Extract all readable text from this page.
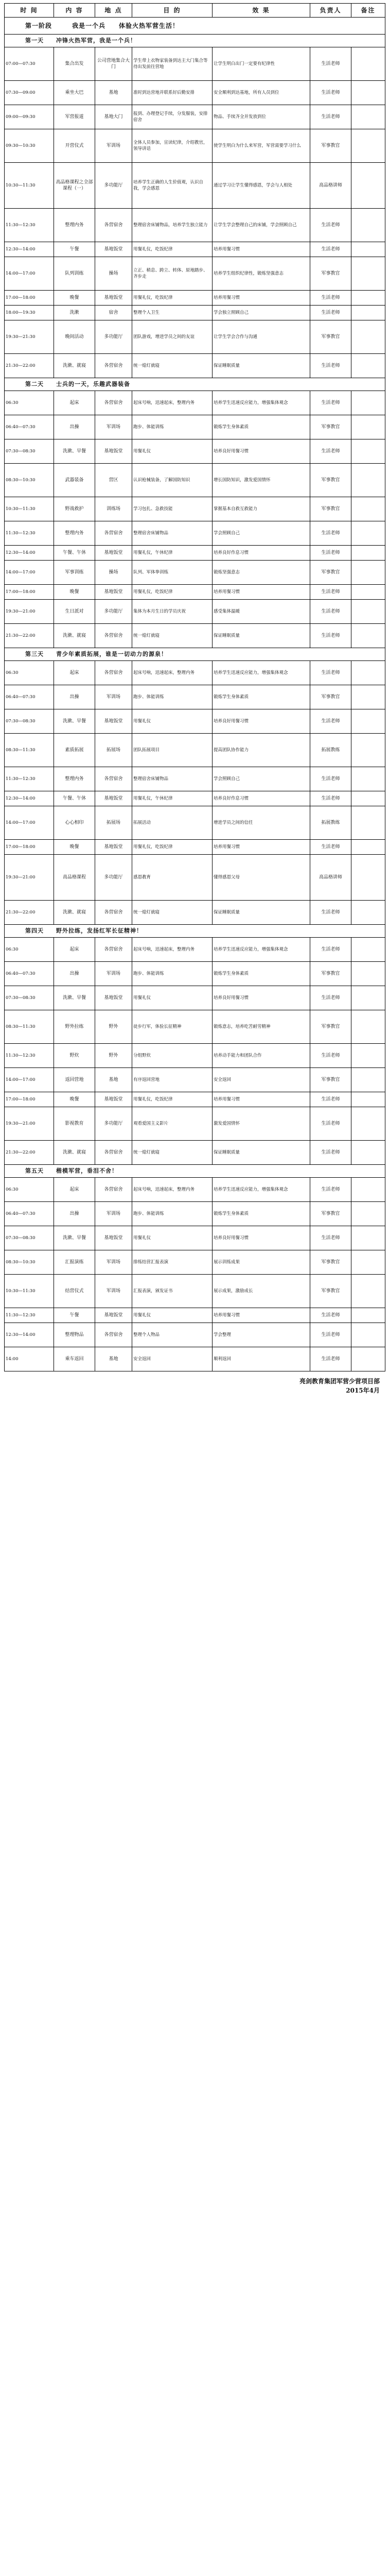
时 间	内 容	地 点	目 的	效 果	负责人	备注
第一阶段　　　我是一个兵　　体验火热军营生活！						
第一天　　冲锋火热军营，我是一个兵！						
07:00—07:30	集合出发	公司营地集合大门	学生带上衣物家装备到达主大门集合等待出发前往营地	让学生明白出门一定要有纪律性	生活老师	
07:30—09:00	乘坐大巴	基地	准时到达营地并联系好后勤安排	安全顺利到达基地，所有人员到位	生活老师	
09:00—09:30	军营报道	基地大门	报到、办理登记手续，分发服装，安排宿舍	物品、手续齐全并发放到位	生活老师	
09:30—10:30	开营仪式	军训场	全体人员参加，宣读纪律，介绍教官，领导讲话	使学生明白为什么来军营，军营需要学习什么	军事教官	
10:30—11:30	高品格课程之全部课程（一）	多功能厅	培养学生正确的人生价值观，认识自我，学会感恩	通过学习让学生懂得感恩，学会与人相处	高品格讲师	
11:30—12:30	整理内务	各营宿舍	整理宿舍床铺物品，培养学生独立能力	让学生学会整理自己的床铺，学会照顾自己	生活老师	
12:30—14:00	午餐	基地饭堂	用餐礼仪，吃饭纪律	培养用餐习惯	生活老师	
14:00—17:00	队列训练	操场	立正、稍息、跨立、转体、原地踏步、齐步走	培养学生组织纪律性，锻炼坚强意志	军事教官	
17:00—18:00	晚餐	基地饭堂	用餐礼仪，吃饭纪律	培养用餐习惯	生活老师	
18:00—19:30	洗漱	宿舍	整理个人卫生	学会独立照顾自己	生活老师	
19:30—21:30	晚间活动	多功能厅	团队游戏，增进学员之间的友谊	让学生学会合作与沟通	军事教官	
21:30—22:00	洗漱、就寝	各营宿舍	统一熄灯就寝	保证睡眠质量	生活老师	
第二天　　士兵的一天，乐趣武器装备						
06:30	起床	各营宿舍	起床号响，迅速起床，整理内务	培养学生迅速反应能力，增强集体观念	生活老师	
06:40—07:30	出操	军训场	跑步、体能训练	锻炼学生身体素质	军事教官	
07:30—08:30	洗漱、早餐	基地饭堂	用餐礼仪	培养良好用餐习惯	生活老师	
08:30—10:30	武器装备	营区	认识枪械装备，了解国防知识	增长国防知识，激发爱国情怀	军事教官	
10:30—11:30	野战救护	训练场	学习包扎、急救技能	掌握基本自救互救能力	军事教官	
11:30—12:30	整理内务	各营宿舍	整理宿舍床铺物品	学会照顾自己	生活老师	
12:30—14:00	午餐、午休	基地饭堂	用餐礼仪，午休纪律	培养良好作息习惯	生活老师	
14:00—17:00	军事训练	操场	队列、军体拳训练	锻炼坚强意志	军事教官	
17:00—18:00	晚餐	基地饭堂	用餐礼仪，吃饭纪律	培养用餐习惯	生活老师	
19:30—21:00	生日派对	多功能厅	集体为本月生日的学员庆祝	感受集体温暖	生活老师	
21:30—22:00	洗漱、就寝	各营宿舍	统一熄灯就寝	保证睡眠质量	生活老师	
第三天　　青少年素质拓展，谁是一切动力的源泉！						
06:30	起床	各营宿舍	起床号响，迅速起床，整理内务	培养学生迅速反应能力，增强集体观念	生活老师	
06:40—07:30	出操	军训场	跑步、体能训练	锻炼学生身体素质	军事教官	
07:30—08:30	洗漱、早餐	基地饭堂	用餐礼仪	培养良好用餐习惯	生活老师	
08:30—11:30	素质拓展	拓展场	团队拓展项目	提高团队协作能力	拓展教练	
11:30—12:30	整理内务	各营宿舍	整理宿舍床铺物品	学会照顾自己	生活老师	
12:30—14:00	午餐、午休	基地饭堂	用餐礼仪，午休纪律	培养良好作息习惯	生活老师	
14:00—17:00	心心相印	拓展场	拓展活动	增进学员之间的信任	拓展教练	
17:00—18:00	晚餐	基地饭堂	用餐礼仪，吃饭纪律	培养用餐习惯	生活老师	
19:30—21:00	高品格课程	多功能厅	感恩教育	懂得感恩父母	高品格讲师	
21:30—22:00	洗漱、就寝	各营宿舍	统一熄灯就寝	保证睡眠质量	生活老师	
第四天　　野外拉练，发扬红军长征精神！						
06:30	起床	各营宿舍	起床号响，迅速起床，整理内务	培养学生迅速反应能力，增强集体观念	生活老师	
06:40—07:30	出操	军训场	跑步、体能训练	锻炼学生身体素质	军事教官	
07:30—08:30	洗漱、早餐	基地饭堂	用餐礼仪	培养良好用餐习惯	生活老师	
08:30—11:30	野外拉练	野外	徒步行军，体验长征精神	锻炼意志，培养吃苦耐劳精神	军事教官	
11:30—12:30	野炊	野外	分组野炊	培养动手能力和团队合作	生活老师	
14:00—17:00	返回营地	基地	有序返回营地	安全返回	军事教官	
17:00—18:00	晚餐	基地饭堂	用餐礼仪，吃饭纪律	培养用餐习惯	生活老师	
19:30—21:00	影视教育	多功能厅	观看爱国主义影片	激发爱国情怀	生活老师	
21:30—22:00	洗漱、就寝	各营宿舍	统一熄灯就寝	保证睡眠质量	生活老师	
第五天　　楷模军营，垂泪不舍！						
06:30	起床	各营宿舍	起床号响，迅速起床，整理内务	培养学生迅速反应能力，增强集体观念	生活老师	
06:40—07:30	出操	军训场	跑步、体能训练	锻炼学生身体素质	军事教官	
07:30—08:30	洗漱、早餐	基地饭堂	用餐礼仪	培养良好用餐习惯	生活老师	
08:30—10:30	汇报演练	军训场	排练结营汇报表演	展示训练成果	军事教官	
10:30—11:30	结营仪式	军训场	汇报表演，颁发证书	展示成果，激励成长	军事教官	
11:30—12:30	午餐	基地饭堂	用餐礼仪	培养用餐习惯	生活老师	
12:30—14:00	整理物品	各营宿舍	整理个人物品	学会整理	生活老师	
14:00	乘车返回	基地	安全返回	顺利返回	生活老师	
亮剑教育集团军营少营项目部
2015年4月
